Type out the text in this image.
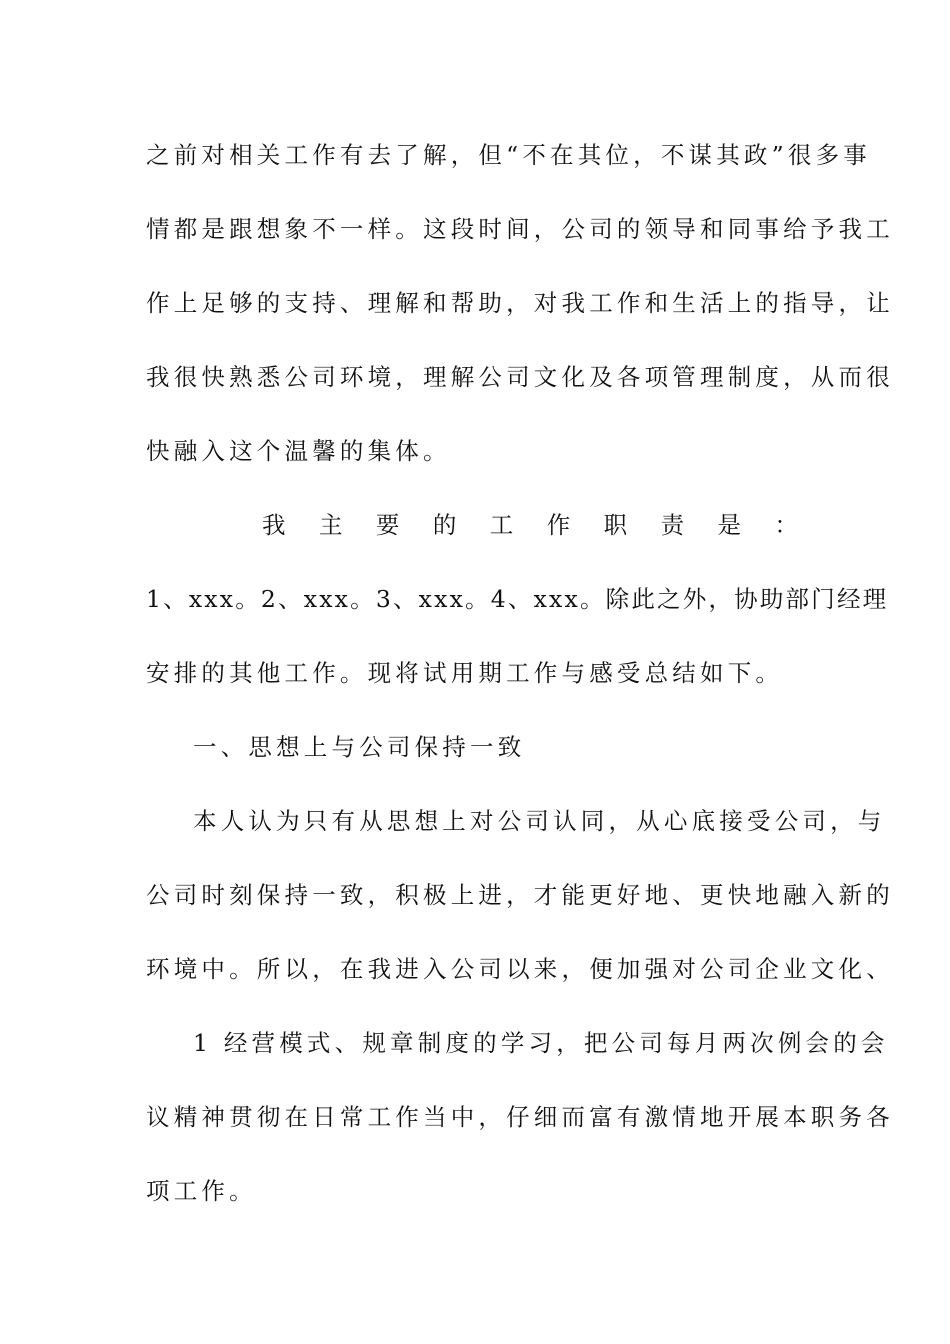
之前对相关工作有去了解，但“不在其位，不谋其政”很多事
情都是跟想象不一样。这段时间，公司的领导和同事给予我工
作上足够的支持、理解和帮助，对我工作和生活上的指导，让
我很快熟悉公司环境，理解公司文化及各项管理制度，从而很
快融入这个温馨的集体。
我 主 要 的 工 作 职 责 是 ：
1、xxx。2、xxx。3、xxx。4、xxx。除此之外，协助部门经理
安排的其他工作。现将试用期工作与感受总结如下。
一、思想上与公司保持一致
本人认为只有从思想上对公司认同，从心底接受公司，与
公司时刻保持一致，积极上进，才能更好地、更快地融入新的
环境中。所以，在我进入公司以来，便加强对公司企业文化、
1 经营模式、规章制度的学习，把公司每月两次例会的会
议精神贯彻在日常工作当中，仔细而富有激情地开展本职务各
项工作。
